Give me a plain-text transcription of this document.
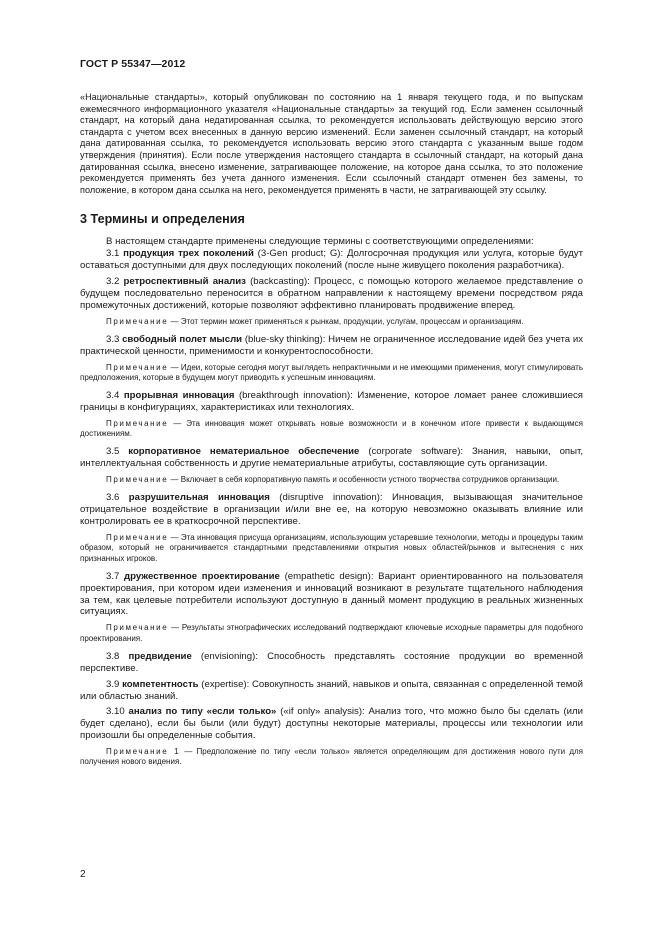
ГОСТ Р 55347—2012

«Национальные стандарты», который опубликован по состоянию на 1 января текущего года, и по выпускам ежемесячного информационного указателя «Национальные стандарты» за текущий год. Если заменен ссылочный стандарт, на который дана недатированная ссылка, то рекомендуется использовать действующую версию этого стандарта с учетом всех внесенных в данную версию изменений. Если заменен ссылочный стандарт, на который дана датированная ссылка, то рекомендуется использовать версию этого стандарта с указанным выше годом утверждения (принятия). Если после утверждения настоящего стандарта в ссылочный стандарт, на который дана датированная ссылка, внесено изменение, затрагивающее положение, на которое дана ссылка, то это положение рекомендуется применять без учета данного изменения. Если ссылочный стандарт отменен без замены, то положение, в котором дана ссылка на него, рекомендуется применять в части, не затрагивающей эту ссылку.

3 Термины и определения

В настоящем стандарте применены следующие термины с соответствующими определениями:

3.1 продукция трех поколений (3-Gen product; G): Долгосрочная продукция или услуга, которые будут оставаться доступными для двух последующих поколений (после ныне живущего поколения разработчика).

3.2 ретроспективный анализ (backcasting): Процесс, с помощью которого желаемое представление о будущем последовательно переносится в обратном направлении к настоящему времени посредством ряда промежуточных достижений, которые позволяют эффективно планировать продвижение вперед.

Примечание — Этот термин может применяться к рынкам, продукции, услугам, процессам и организациям.

3.3 свободный полет мысли (blue-sky thinking): Ничем не ограниченное исследование идей без учета их практической ценности, применимости и конкурентоспособности.

Примечание — Идеи, которые сегодня могут выглядеть непрактичными и не имеющими применения, могут стимулировать предположения, которые в будущем могут приводить к успешным инновациям.

3.4 прорывная инновация (breakthrough innovation): Изменение, которое ломает ранее сложившиеся границы в конфигурациях, характеристиках или технологиях.

Примечание — Эта инновация может открывать новые возможности и в конечном итоге привести к выдающимся достижениям.

3.5 корпоративное нематериальное обеспечение (corporate software): Знания, навыки, опыт, интеллектуальная собственность и другие нематериальные атрибуты, составляющие суть организации.

Примечание — Включает в себя корпоративную память и особенности устного творчества сотрудников организации.

3.6 разрушительная инновация (disruptive innovation): Инновация, вызывающая значительное отрицательное воздействие в организации и/или вне ее, на которую невозможно оказывать влияние или контролировать ее в краткосрочной перспективе.

Примечание — Эта инновация присуща организациям, использующим устаревшие технологии, методы и процедуры таким образом, который не ограничивается стандартными представлениями открытия новых областей/рынков и вытеснения с них признанных игроков.

3.7 дружественное проектирование (empathetic design): Вариант ориентированного на пользователя проектирования, при котором идеи изменения и инноваций возникают в результате тщательного наблюдения за тем, как целевые потребители используют доступную в данный момент продукцию в реальных жизненных ситуациях.

Примечание — Результаты этнографических исследований подтверждают ключевые исходные параметры для подобного проектирования.

3.8 предвидение (envisioning): Способность представлять состояние продукции во временной перспективе.

3.9 компетентность (expertise): Совокупность знаний, навыков и опыта, связанная с определенной темой или областью знаний.

3.10 анализ по типу «если только» («if only» analysis): Анализ того, что можно было бы сделать (или будет сделано), если бы были (или будут) доступны некоторые материалы, процессы или технологии или произошли бы определенные события.

Примечание 1 — Предположение по типу «если только» является определяющим для достижения нового пути для получения нового видения.

2
